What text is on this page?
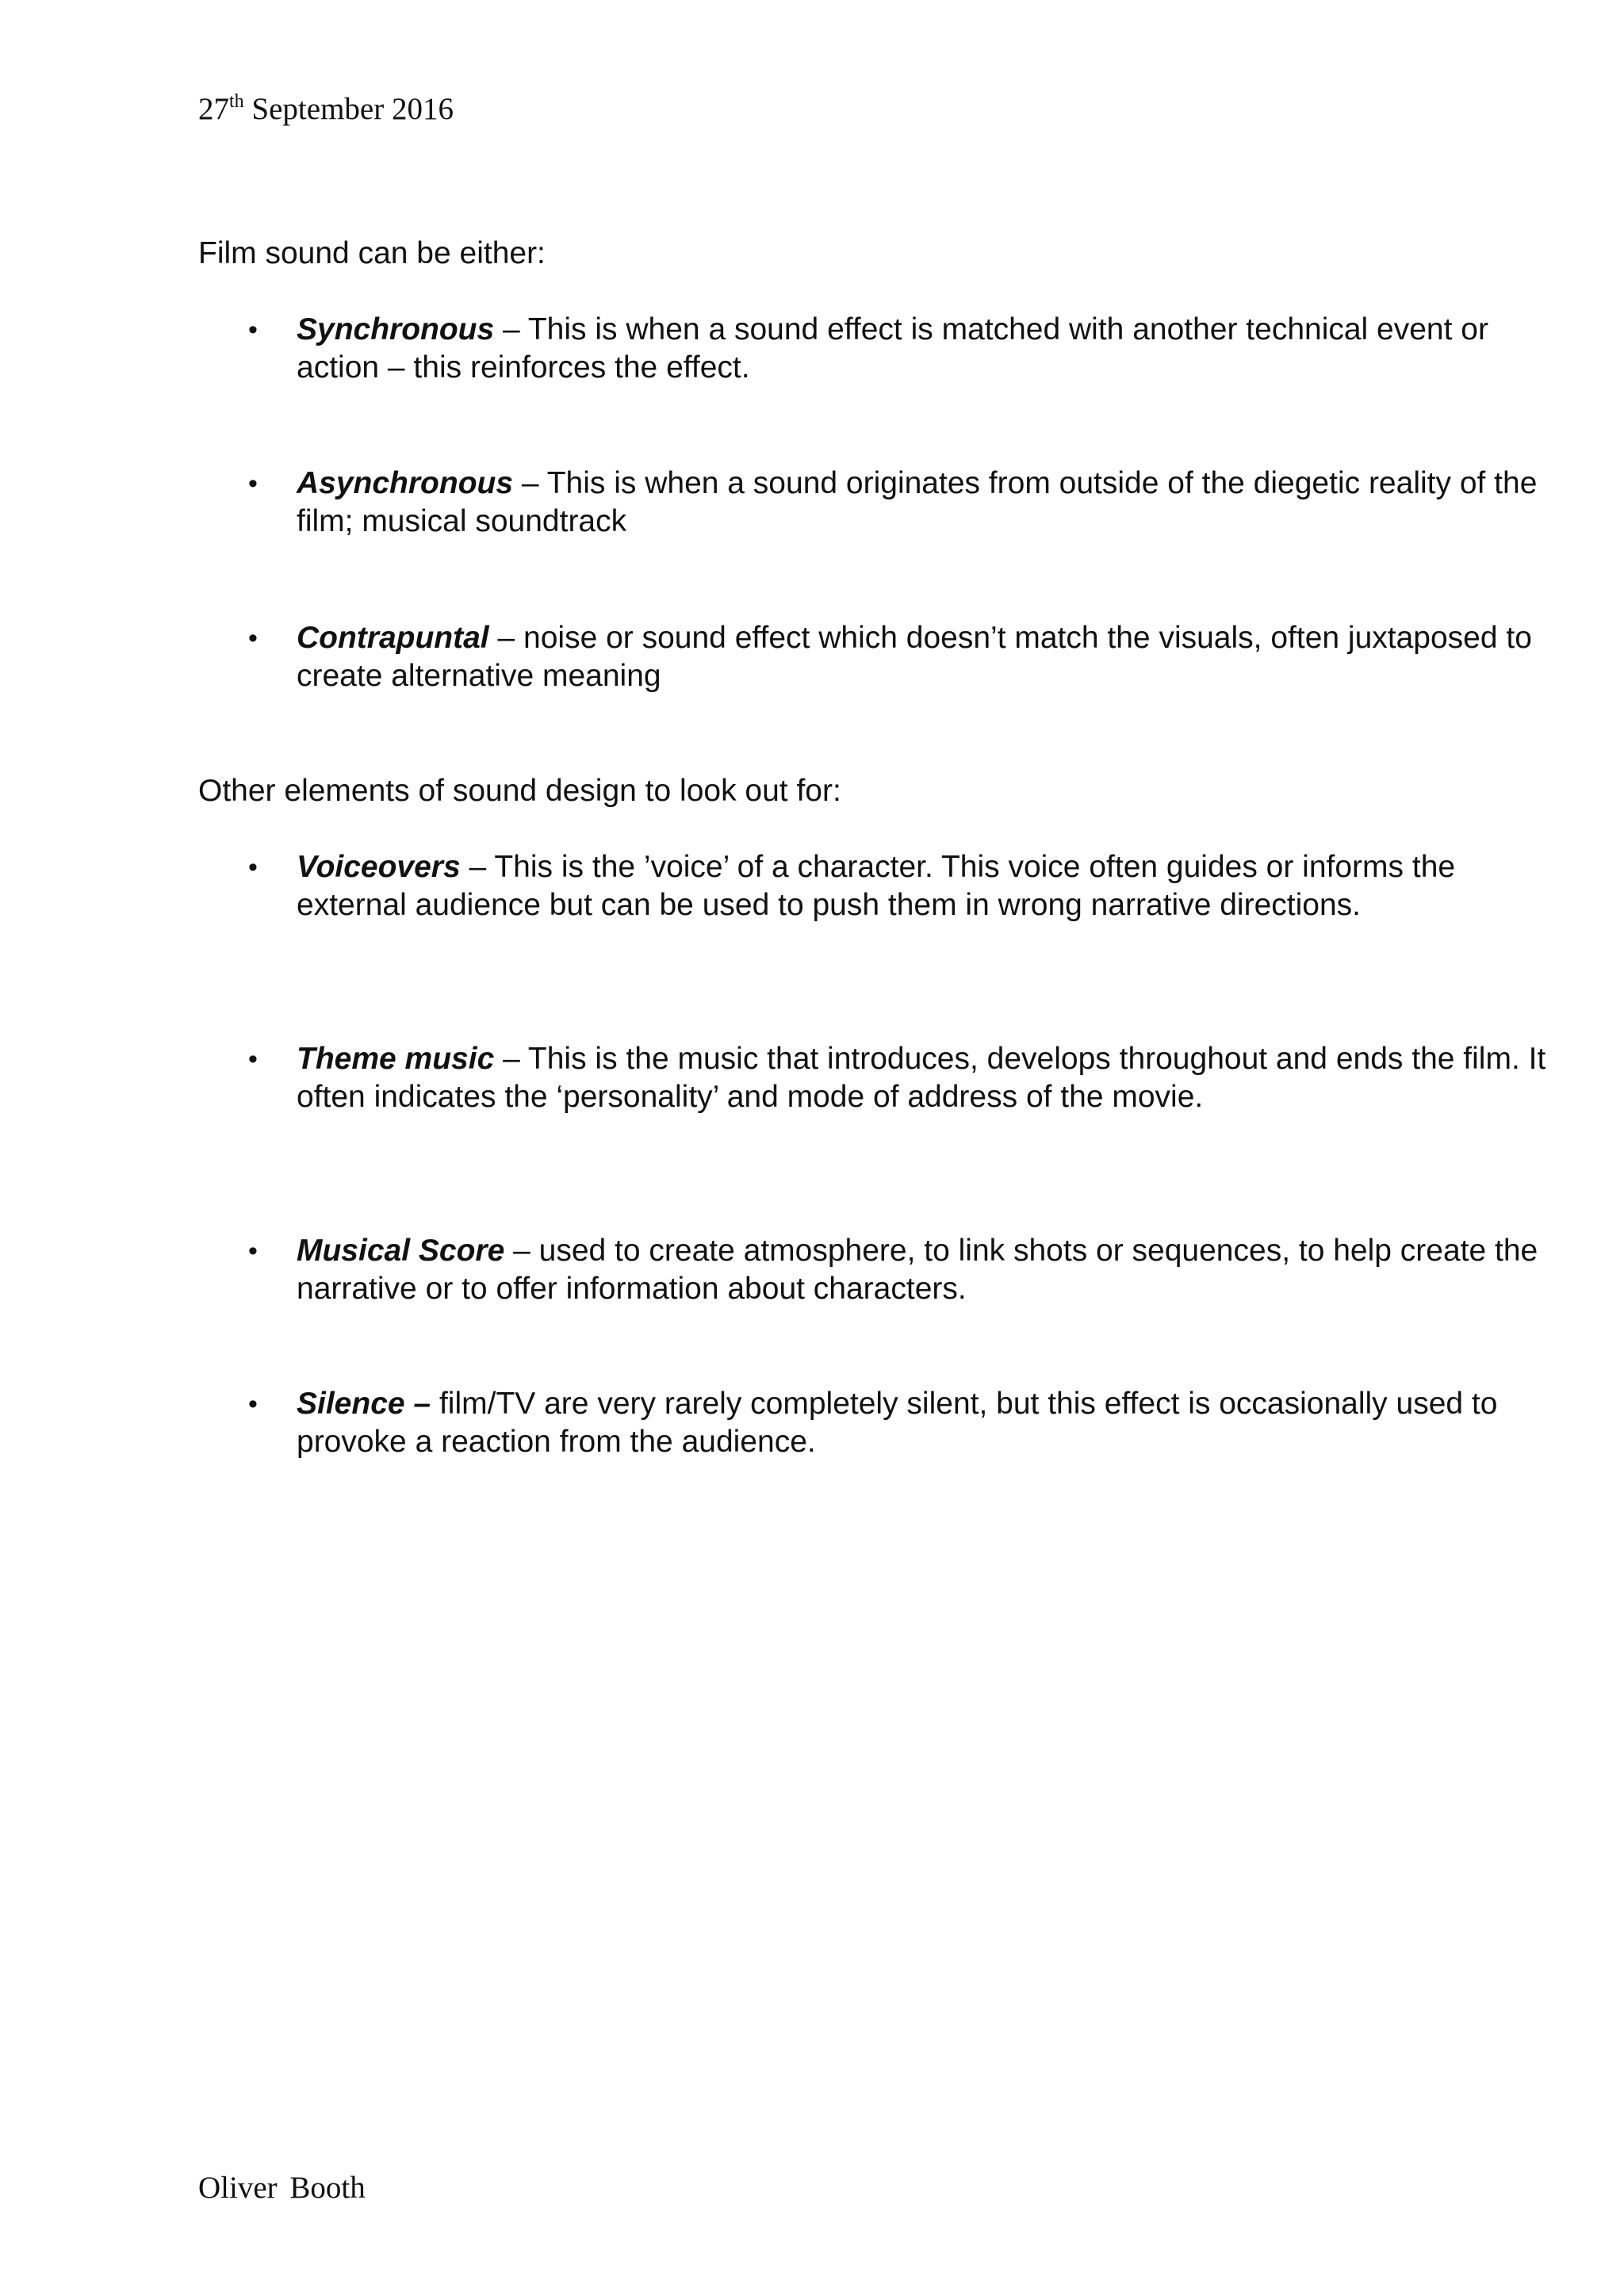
27th September 2016
Film sound can be either:
• Synchronous – This is when a sound effect is matched with another technical event or action – this reinforces the effect.
• Asynchronous – This is when a sound originates from outside of the diegetic reality of the film; musical soundtrack
• Contrapuntal – noise or sound effect which doesn’t match the visuals, often juxtaposed to create alternative meaning
Other elements of sound design to look out for:
• Voiceovers – This is the ’voice’ of a character. This voice often guides or informs the external audience but can be used to push them in wrong narrative directions.
• Theme music – This is the music that introduces, develops throughout and ends the film. It often indicates the ‘personality’ and mode of address of the movie.
• Musical Score – used to create atmosphere, to link shots or sequences, to help create the narrative or to offer information about characters.
• Silence – film/TV are very rarely completely silent, but this effect is occasionally used to provoke a reaction from the audience.
Oliver Booth
